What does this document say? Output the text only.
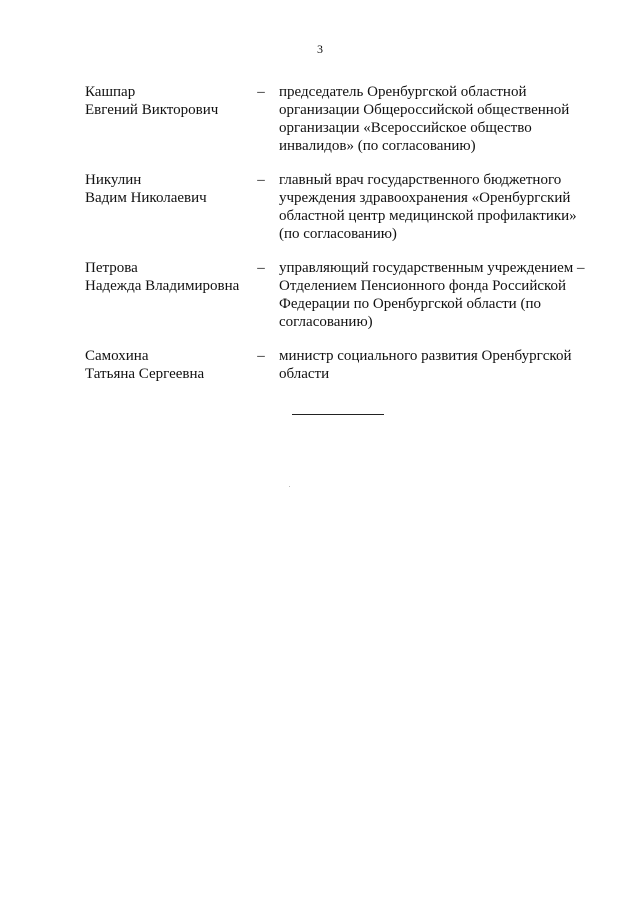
3
Кашпар
Евгений Викторович
– председатель Оренбургской областной
организации Общероссийской общественной
организации «Всероссийское общество
инвалидов» (по согласованию)
Никулин
Вадим Николаевич
– главный врач государственного бюджетного
учреждения здравоохранения «Оренбургский
областной центр медицинской профилактики»
(по согласованию)
Петрова
Надежда Владимировна
– управляющий государственным учреждением –
Отделением Пенсионного фонда Российской
Федерации по Оренбургской области (по
согласованию)
Самохина
Татьяна Сергеевна
– министр социального развития Оренбургской
области
